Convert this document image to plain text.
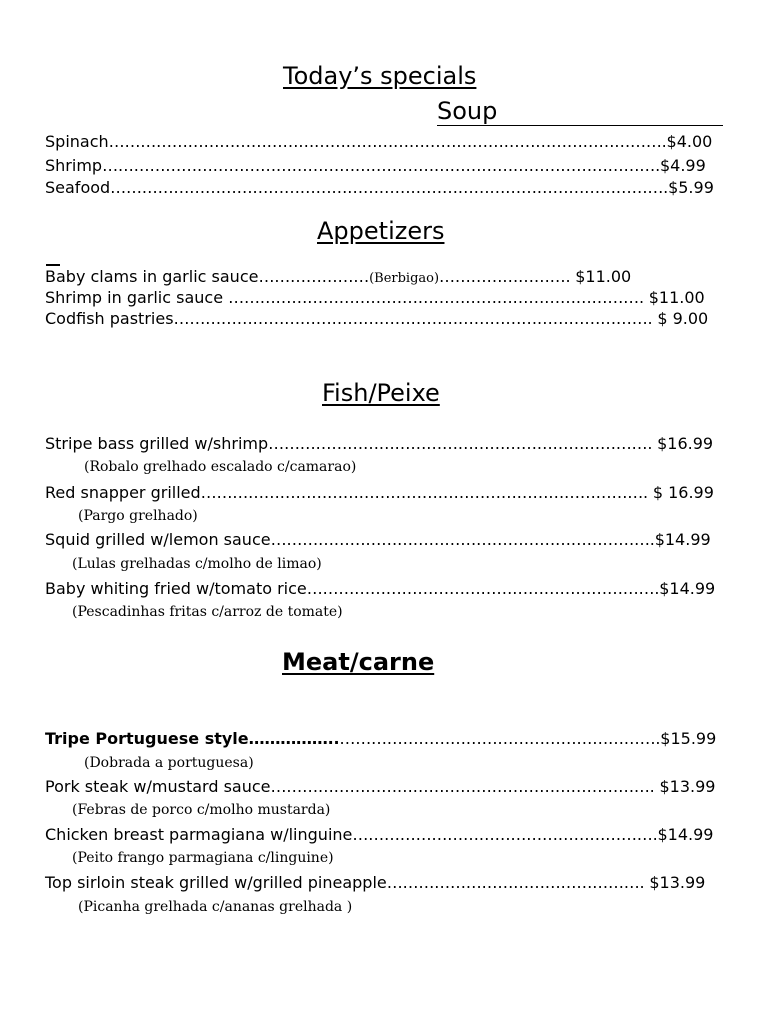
Today’s specials
Soup
Spinach…………………………………………………………………………………………….$4.00
Shrimp…………………………………………………………………………………………….$4.99
Seafood…………………………………………………………………………………………….$5.99
Appetizers
Baby clams in garlic sauce…………………(Berbigao)……………………. $11.00
Shrimp in garlic sauce ……………………………………………………………………. $11.00
Codfish pastries………………………………………………………………………………. $ 9.00
Fish/Peixe
Stripe bass grilled w/shrimp………………………………………………………………. $16.99
(Robalo grelhado escalado c/camarao)
Red snapper grilled…………………………………………………………………………. $ 16.99
(Pargo grelhado)
Squid grilled w/lemon sauce……………………………………………………………….$14.99
(Lulas grelhadas c/molho de limao)
Baby whiting fried w/tomato rice………………………………………………………….$14.99
(Pescadinhas fritas c/arroz de tomate)
Meat/carne
Tripe Portuguese style……………..…………………………………………………….$15.99
(Dobrada a portuguesa)
Pork steak w/mustard sauce………………………………………………………………. $13.99
(Febras de porco c/molho mustarda)
Chicken breast parmagiana w/linguine………………………………………………….$14.99
(Peito frango parmagiana c/linguine)
Top sirloin steak grilled w/grilled pineapple…………………………………………. $13.99
(Picanha grelhada c/ananas grelhada )
